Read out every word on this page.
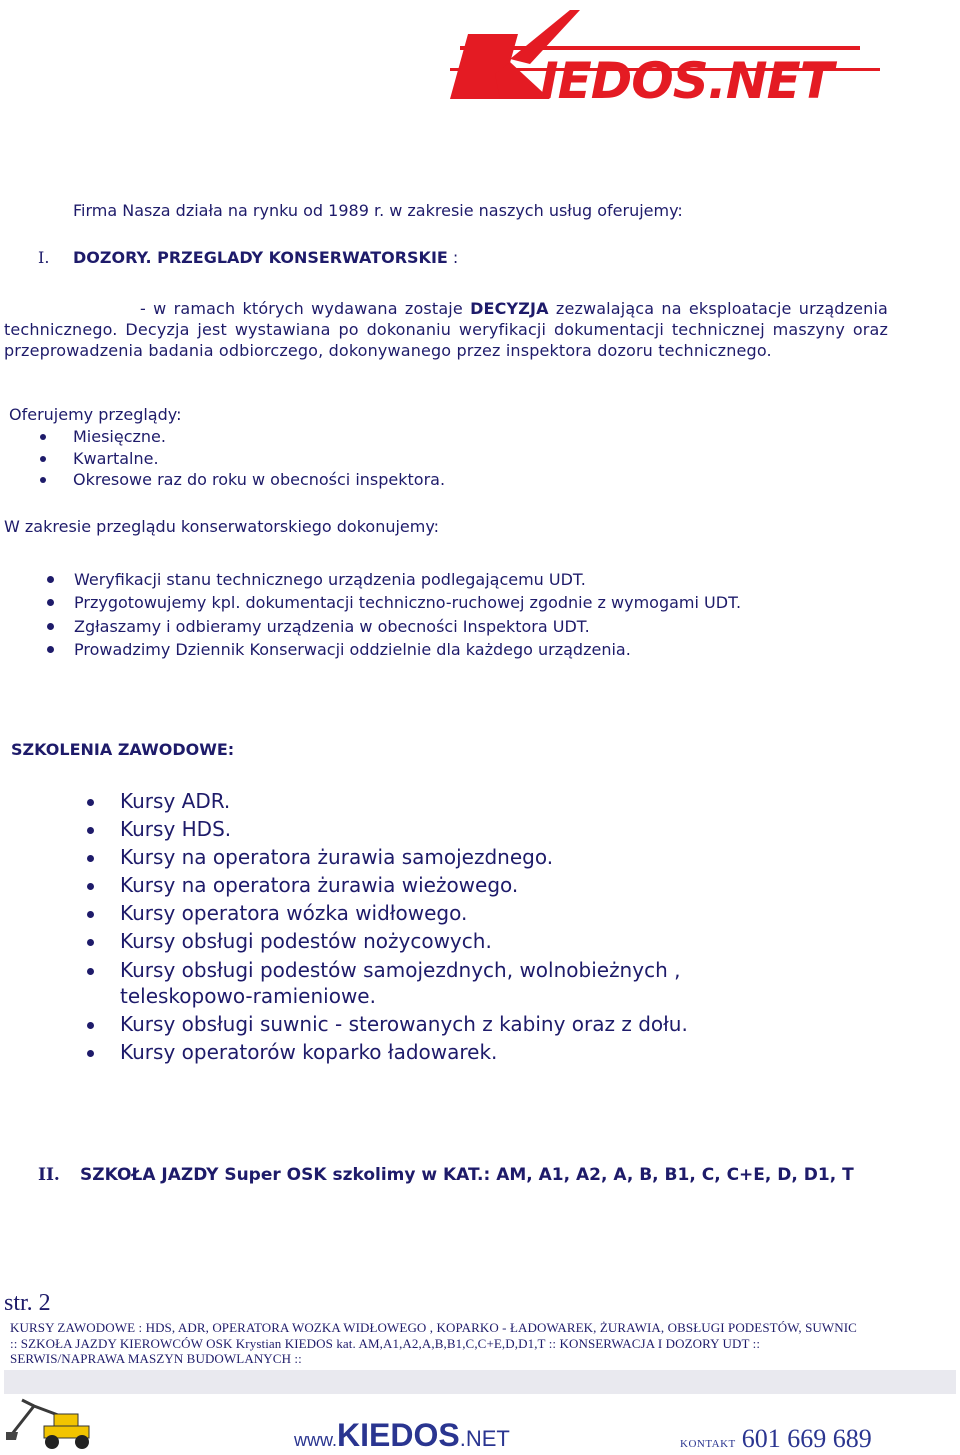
IEDOS.NET
Firma Nasza działa na rynku od 1989 r. w zakresie naszych usług oferujemy:
I. DOZORY. PRZEGLADY KONSERWATORSKIE :
- w ramach których wydawana zostaje DECYZJA zezwalająca na eksploatacje urządzenia technicznego. Decyzja jest wystawiana po dokonaniu weryfikacji dokumentacji technicznej maszyny oraz przeprowadzenia badania odbiorczego, dokonywanego przez inspektora dozoru technicznego.
Oferujemy przeglądy:
Miesięczne.
Kwartalne.
Okresowe raz do roku w obecności inspektora.
W zakresie przeglądu konserwatorskiego dokonujemy:
Weryfikacji stanu technicznego urządzenia podlegającemu UDT.
Przygotowujemy kpl. dokumentacji techniczno-ruchowej zgodnie z wymogami UDT.
Zgłaszamy i odbieramy urządzenia w obecności Inspektora UDT.
Prowadzimy Dziennik Konserwacji oddzielnie dla każdego urządzenia.
SZKOLENIA ZAWODOWE:
Kursy ADR.
Kursy HDS.
Kursy na operatora żurawia samojezdnego.
Kursy na operatora żurawia wieżowego.
Kursy operatora wózka widłowego.
Kursy obsługi podestów nożycowych.
Kursy obsługi podestów samojezdnych, wolnobieżnych , teleskopowo-ramieniowe.
Kursy obsługi suwnic - sterowanych z kabiny oraz z dołu.
Kursy operatorów koparko ładowarek.
II. SZKOŁA JAZDY Super OSK szkolimy w KAT.: AM, A1, A2, A, B, B1, C, C+E, D, D1, T
str. 2
KURSY ZAWODOWE : HDS, ADR, OPERATORA WOZKA WIDŁOWEGO , KOPARKO - ŁADOWAREK, ŻURAWIA, OBSŁUGI PODESTÓW, SUWNIC
:: SZKOŁA JAZDY KIEROWCÓW OSK Krystian KIEDOS kat. AM,A1,A2,A,B,B1,C,C+E,D,D1,T :: KONSERWACJA I DOZORY UDT ::
SERWIS/NAPRAWA MASZYN BUDOWLANYCH ::
www.KIEDOS.NET	KONTAKT 601 669 689
